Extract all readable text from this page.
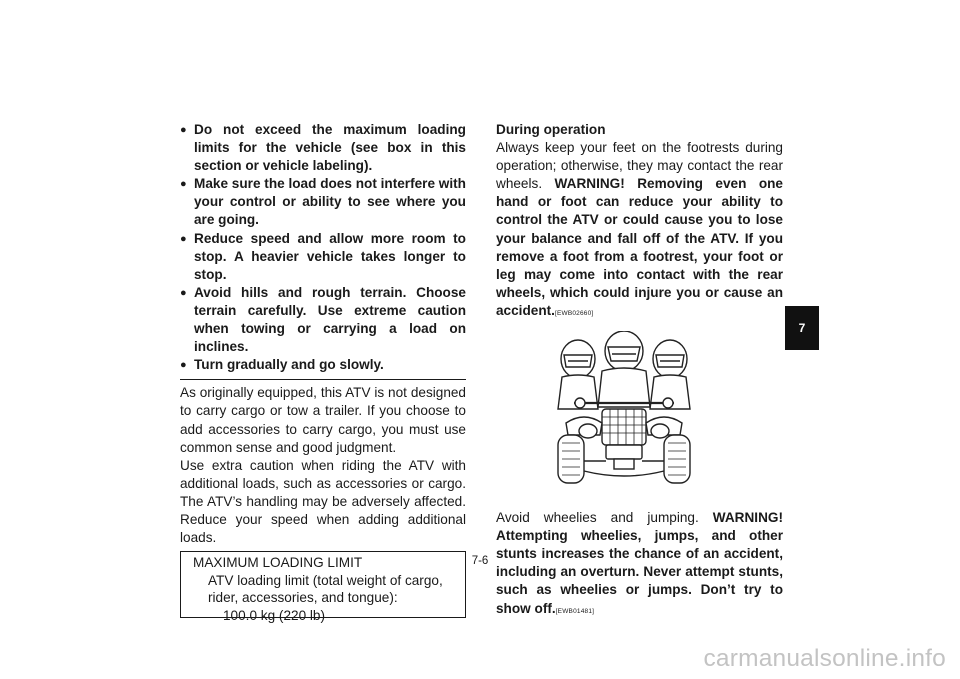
● Do not exceed the maximum loading limits for the vehicle (see box in this section or vehicle labeling).
● Make sure the load does not interfere with your control or ability to see where you are going.
● Reduce speed and allow more room to stop. A heavier vehicle takes longer to stop.
● Avoid hills and rough terrain. Choose terrain carefully. Use extreme caution when towing or carrying a load on inclines.
● Turn gradually and go slowly.

As originally equipped, this ATV is not designed to carry cargo or tow a trailer. If you choose to add accessories to carry cargo, you must use common sense and good judgment.

Use extra caution when riding the ATV with additional loads, such as accessories or cargo. The ATV’s handling may be adversely affected. Reduce your speed when adding additional loads.

MAXIMUM LOADING LIMIT
ATV loading limit (total weight of cargo, rider, accessories, and tongue):
100.0 kg (220 lb)

During operation

Always keep your feet on the footrests during operation; otherwise, they may contact the rear wheels. WARNING! Removing even one hand or foot can reduce your ability to control the ATV or could cause you to lose your balance and fall off of the ATV. If you remove a foot from a footrest, your foot or leg may come into contact with the rear wheels, which could injure you or cause an accident.[EWB02660]

Avoid wheelies and jumping. WARNING! Attempting wheelies, jumps, and other stunts increases the chance of an accident, including an overturn. Never attempt stunts, such as wheelies or jumps. Don’t try to show off.[EWB01481]

7-6
7
carmanualsonline.info
